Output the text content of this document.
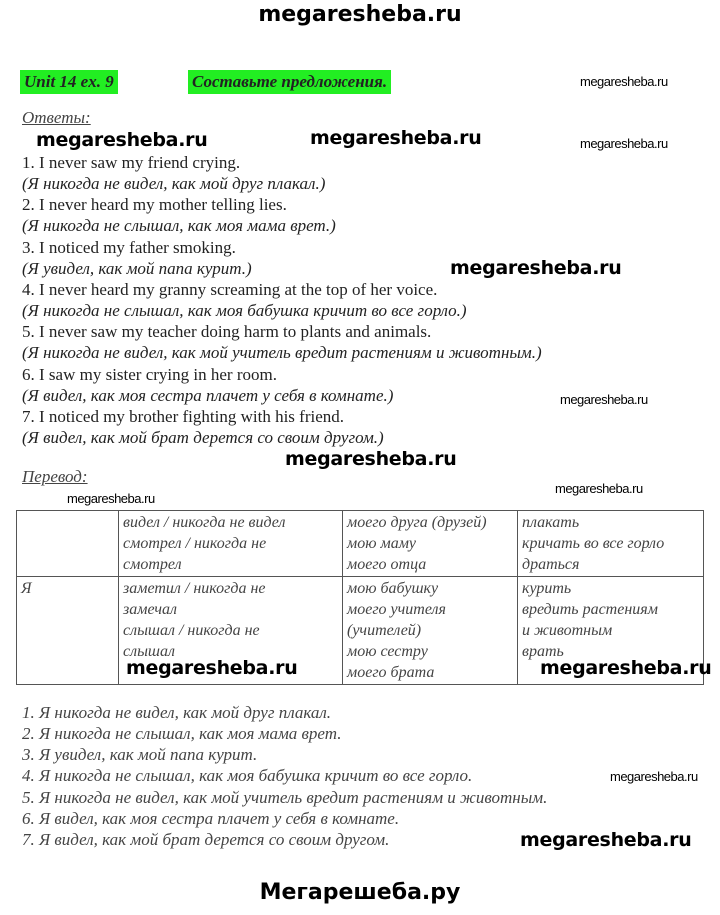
megaresheba.ru
Unit 14 ex. 9	Составьте предложения.
Ответы:
1. I never saw my friend crying.
(Я никогда не видел, как мой друг плакал.)
2. I never heard my mother telling lies.
(Я никогда не слышал, как моя мама врет.)
3. I noticed my father smoking.
(Я увидел, как мой папа курит.)
4. I never heard my granny screaming at the top of her voice.
(Я никогда не слышал, как моя бабушка кричит во все горло.)
5. I never saw my teacher doing harm to plants and animals.
(Я никогда не видел, как мой учитель вредит растениям и животным.)
6. I saw my sister crying in her room.
(Я видел, как моя сестра плачет у себя в комнате.)
7. I noticed my brother fighting with his friend.
(Я видел, как мой брат дерется со своим другом.)
Перевод:
	видел / никогда не видел
смотрел / никогда не
смотрел	моего друга (друзей)
мою маму
моего отца	плакать
кричать во все горло
драться
Я	заметил / никогда не
замечал
слышал / никогда не
слышал	мою бабушку
моего учителя
(учителей)
мою сестру
моего брата	курить
вредить растениям
и животным
врать
1. Я никогда не видел, как мой друг плакал.
2. Я никогда не слышал, как моя мама врет.
3. Я увидел, как мой папа курит.
4. Я никогда не слышал, как моя бабушка кричит во все горло.
5. Я никогда не видел, как мой учитель вредит растениям и животным.
6. Я видел, как моя сестра плачет у себя в комнате.
7. Я видел, как мой брат дерется со своим другом.
megaresheba.ru
megaresheba.ru	megaresheba.ru	megaresheba.ru
megaresheba.ru
megaresheba.ru
megaresheba.ru
megaresheba.ru
megaresheba.ru
megaresheba.ru	megaresheba.ru
megaresheba.ru
megaresheba.ru
Мегарешеба.ру
